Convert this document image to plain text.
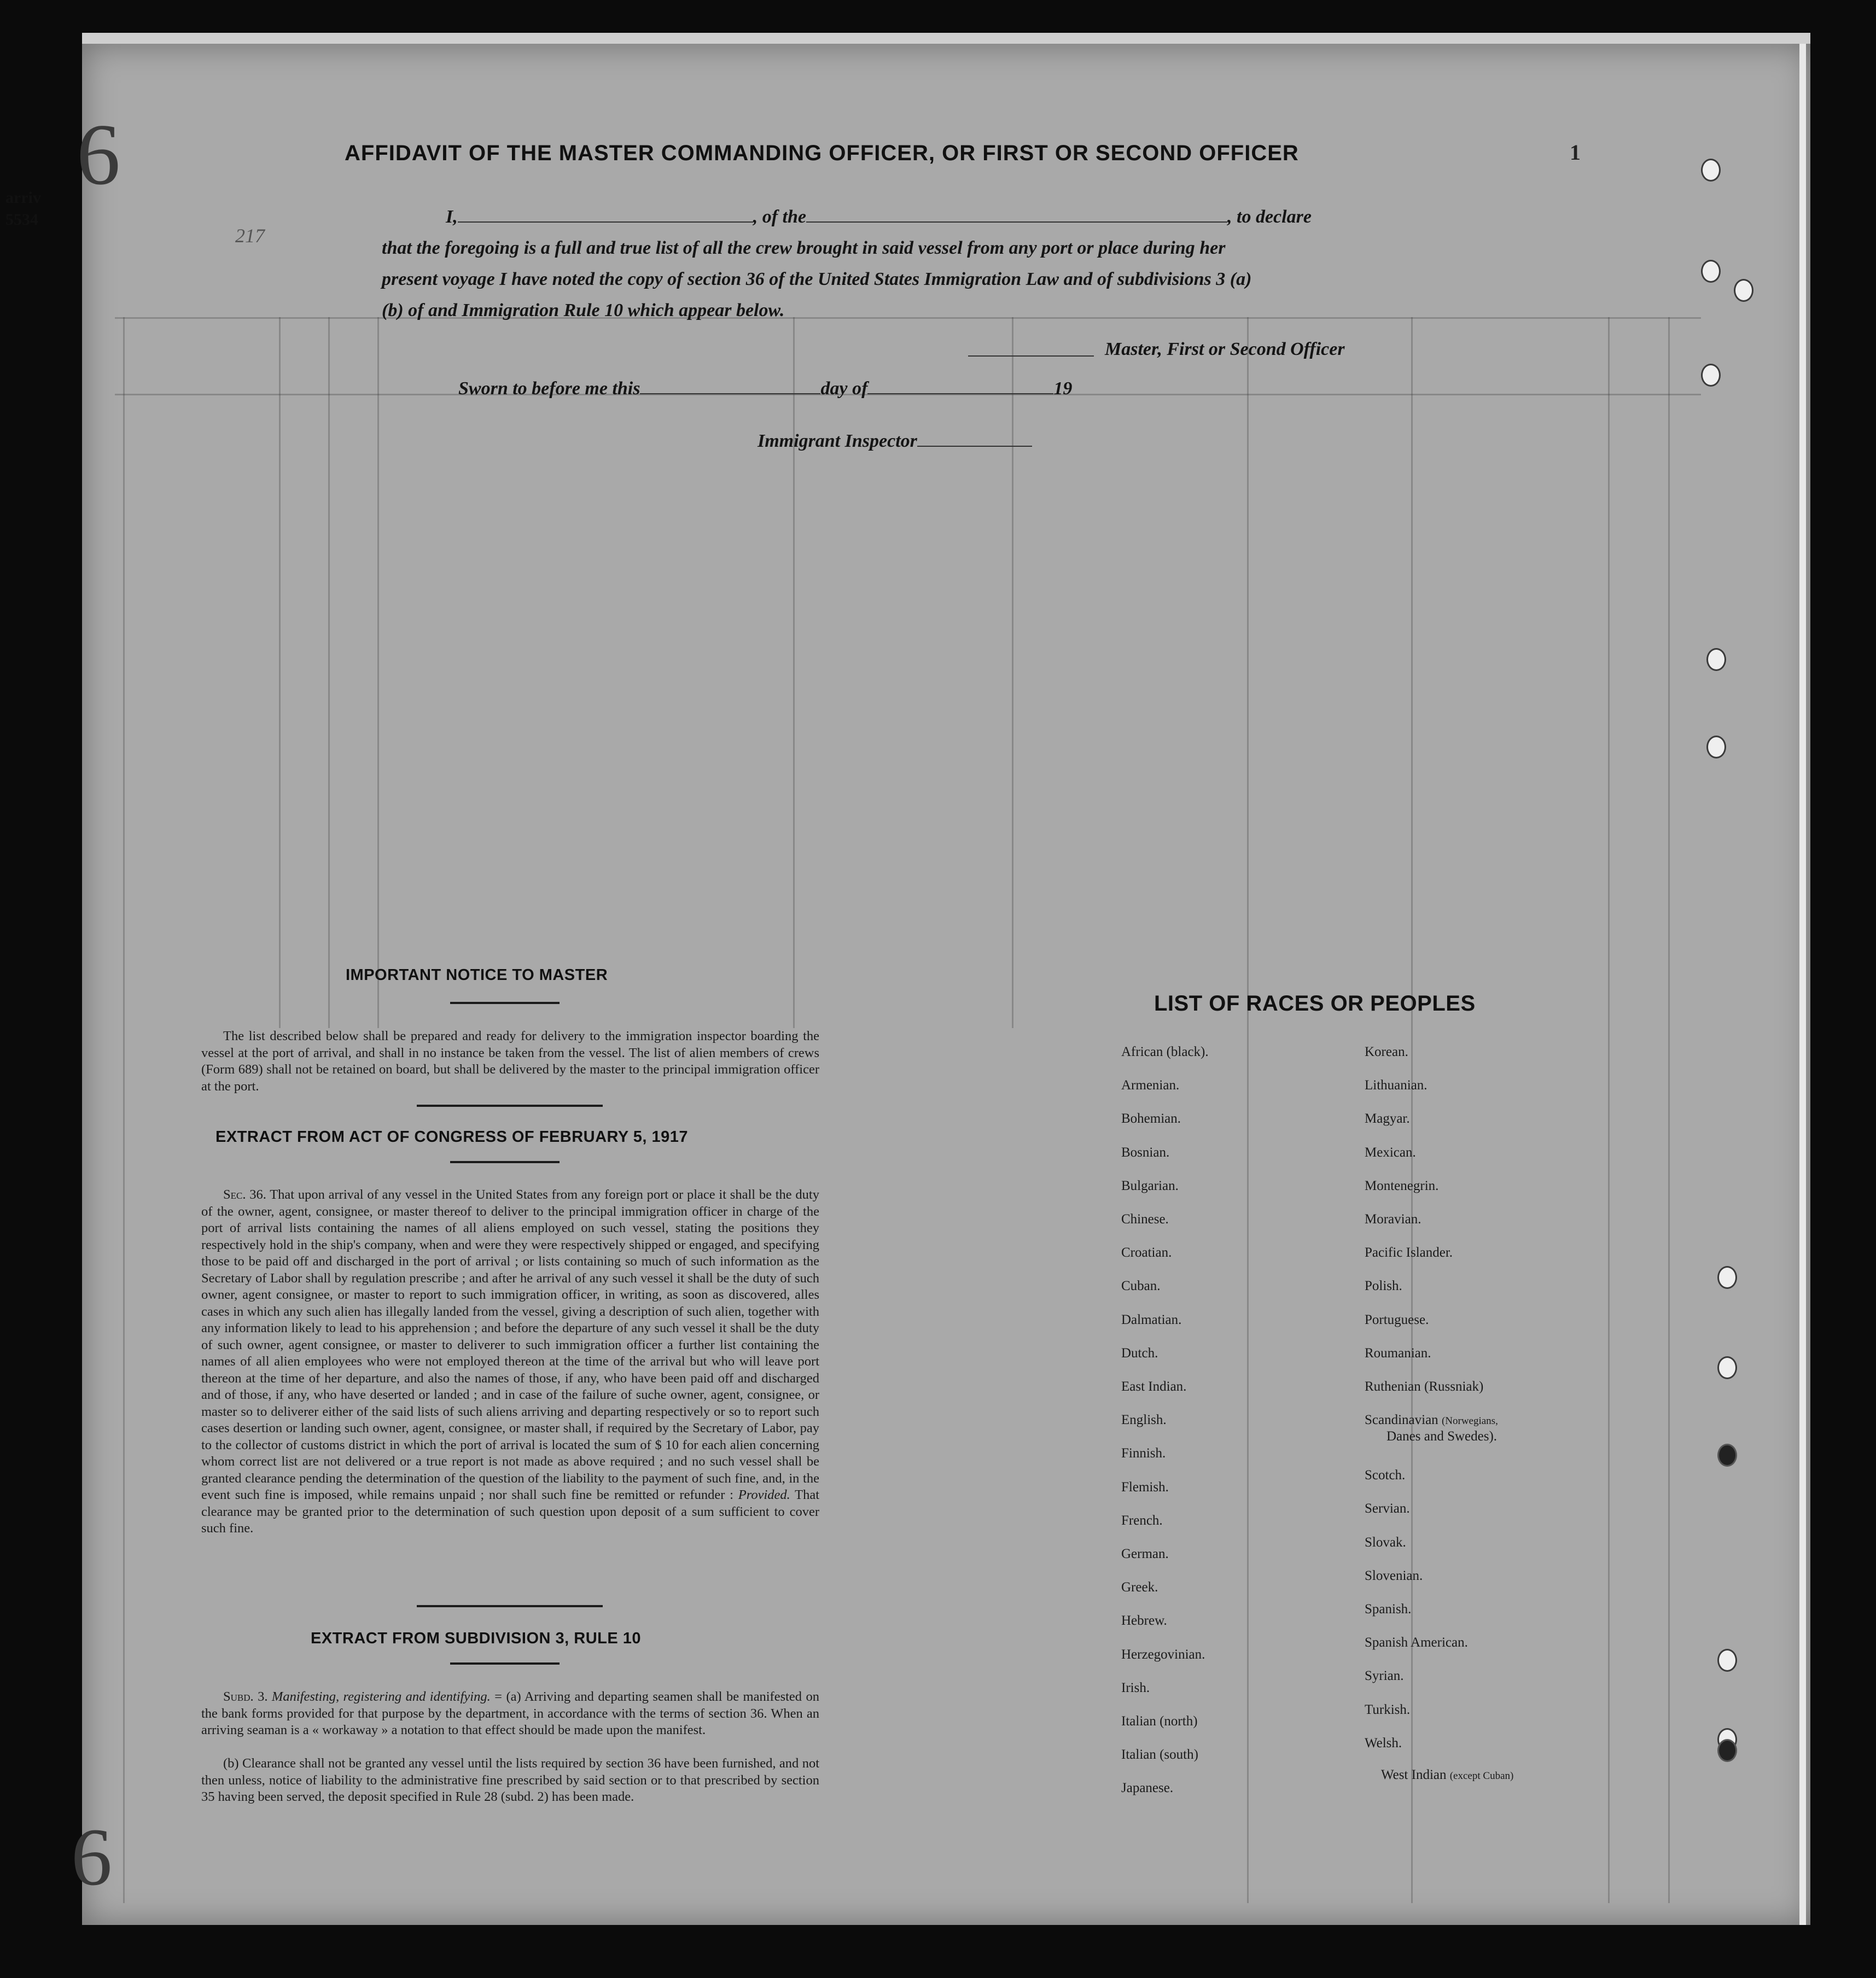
6
6
arriv
5534
1
217
AFFIDAVIT OF THE MASTER COMMANDING OFFICER, OR FIRST OR SECOND OFFICER
I,	, of the	, to declare
that the foregoing is a full and true list of all the crew brought in said vessel from any port or place during her
present voyage I have noted the copy of section 36 of the United States Immigration Law and of subdivisions 3 (a)
(b) of and Immigration Rule 10 which appear below.
Master, First or Second Officer
Sworn to before me this	day of	19
Immigrant Inspector
IMPORTANT NOTICE TO MASTER
The list described below shall be prepared and ready for delivery to the immigration inspector boarding the vessel at the port of arrival, and shall in no instance be taken from the vessel. The list of alien members of crews (Form 689) shall not be retained on board, but shall be delivered by the master to the principal immigration officer at the port.
EXTRACT FROM ACT OF CONGRESS OF FEBRUARY 5, 1917
Sec. 36. That upon arrival of any vessel in the United States from any foreign port or place it shall be the duty of the owner, agent, consignee, or master thereof to deliver to the principal immigration officer in charge of the port of arrival lists containing the names of all aliens employed on such vessel, stating the positions they respectively hold in the ship's company, when and were they were respectively shipped or engaged, and specifying those to be paid off and discharged in the port of arrival ; or lists containing so much of such information as the Secretary of Labor shall by regulation prescribe ; and after he arrival of any such vessel it shall be the duty of such owner, agent consignee, or master to report to such immigration officer, in writing, as soon as discovered, alles cases in which any such alien has illegally landed from the vessel, giving a description of such alien, together with any information likely to lead to his apprehension ; and before the departure of any such vessel it shall be the duty of such owner, agent consignee, or master to deliverer to such immigration officer a further list containing the names of all alien employees who were not employed thereon at the time of the arrival but who will leave port thereon at the time of her departure, and also the names of those, if any, who have been paid off and discharged and of those, if any, who have deserted or landed ; and in case of the failure of suche owner, agent, consignee, or master so to deliverer either of the said lists of such aliens arriving and departing respectively or so to report such cases desertion or landing such owner, agent, consignee, or master shall, if required by the Secretary of Labor, pay to the collector of customs district in which the port of arrival is located the sum of $ 10 for each alien concerning whom correct list are not delivered or a true report is not made as above required ; and no such vessel shall be granted clearance pending the determination of the question of the liability to the payment of such fine, and, in the event such fine is imposed, while remains unpaid ; nor shall such fine be remitted or refunder : Provided. That clearance may be granted prior to the determination of such question upon deposit of a sum sufficient to cover such fine.
EXTRACT FROM SUBDIVISION 3, RULE 10
Subd. 3. Manifesting, registering and identifying. = (a) Arriving and departing seamen shall be manifested on the bank forms provided for that purpose by the department, in accordance with the terms of section 36. When an arriving seaman is a « workaway » a notation to that effect should be made upon the manifest.
(b) Clearance shall not be granted any vessel until the lists required by section 36 have been furnished, and not then unless, notice of liability to the administrative fine prescribed by said section or to that prescribed by section 35 having been served, the deposit specified in Rule 28 (subd. 2) has been made.
LIST OF RACES OR PEOPLES
African (black).
Armenian.
Bohemian.
Bosnian.
Bulgarian.
Chinese.
Croatian.
Cuban.
Dalmatian.
Dutch.
East Indian.
English.
Finnish.
Flemish.
French.
German.
Greek.
Hebrew.
Herzegovinian.
Irish.
Italian (north)
Italian (south)
Japanese.
Korean.
Lithuanian.
Magyar.
Mexican.
Montenegrin.
Moravian.
Pacific Islander.
Polish.
Portuguese.
Roumanian.
Ruthenian (Russniak)
Scandinavian (Norwegians,
Danes and Swedes).
Scotch.
Servian.
Slovak.
Slovenian.
Spanish.
Spanish American.
Syrian.
Turkish.
Welsh.
West Indian (except Cuban)
